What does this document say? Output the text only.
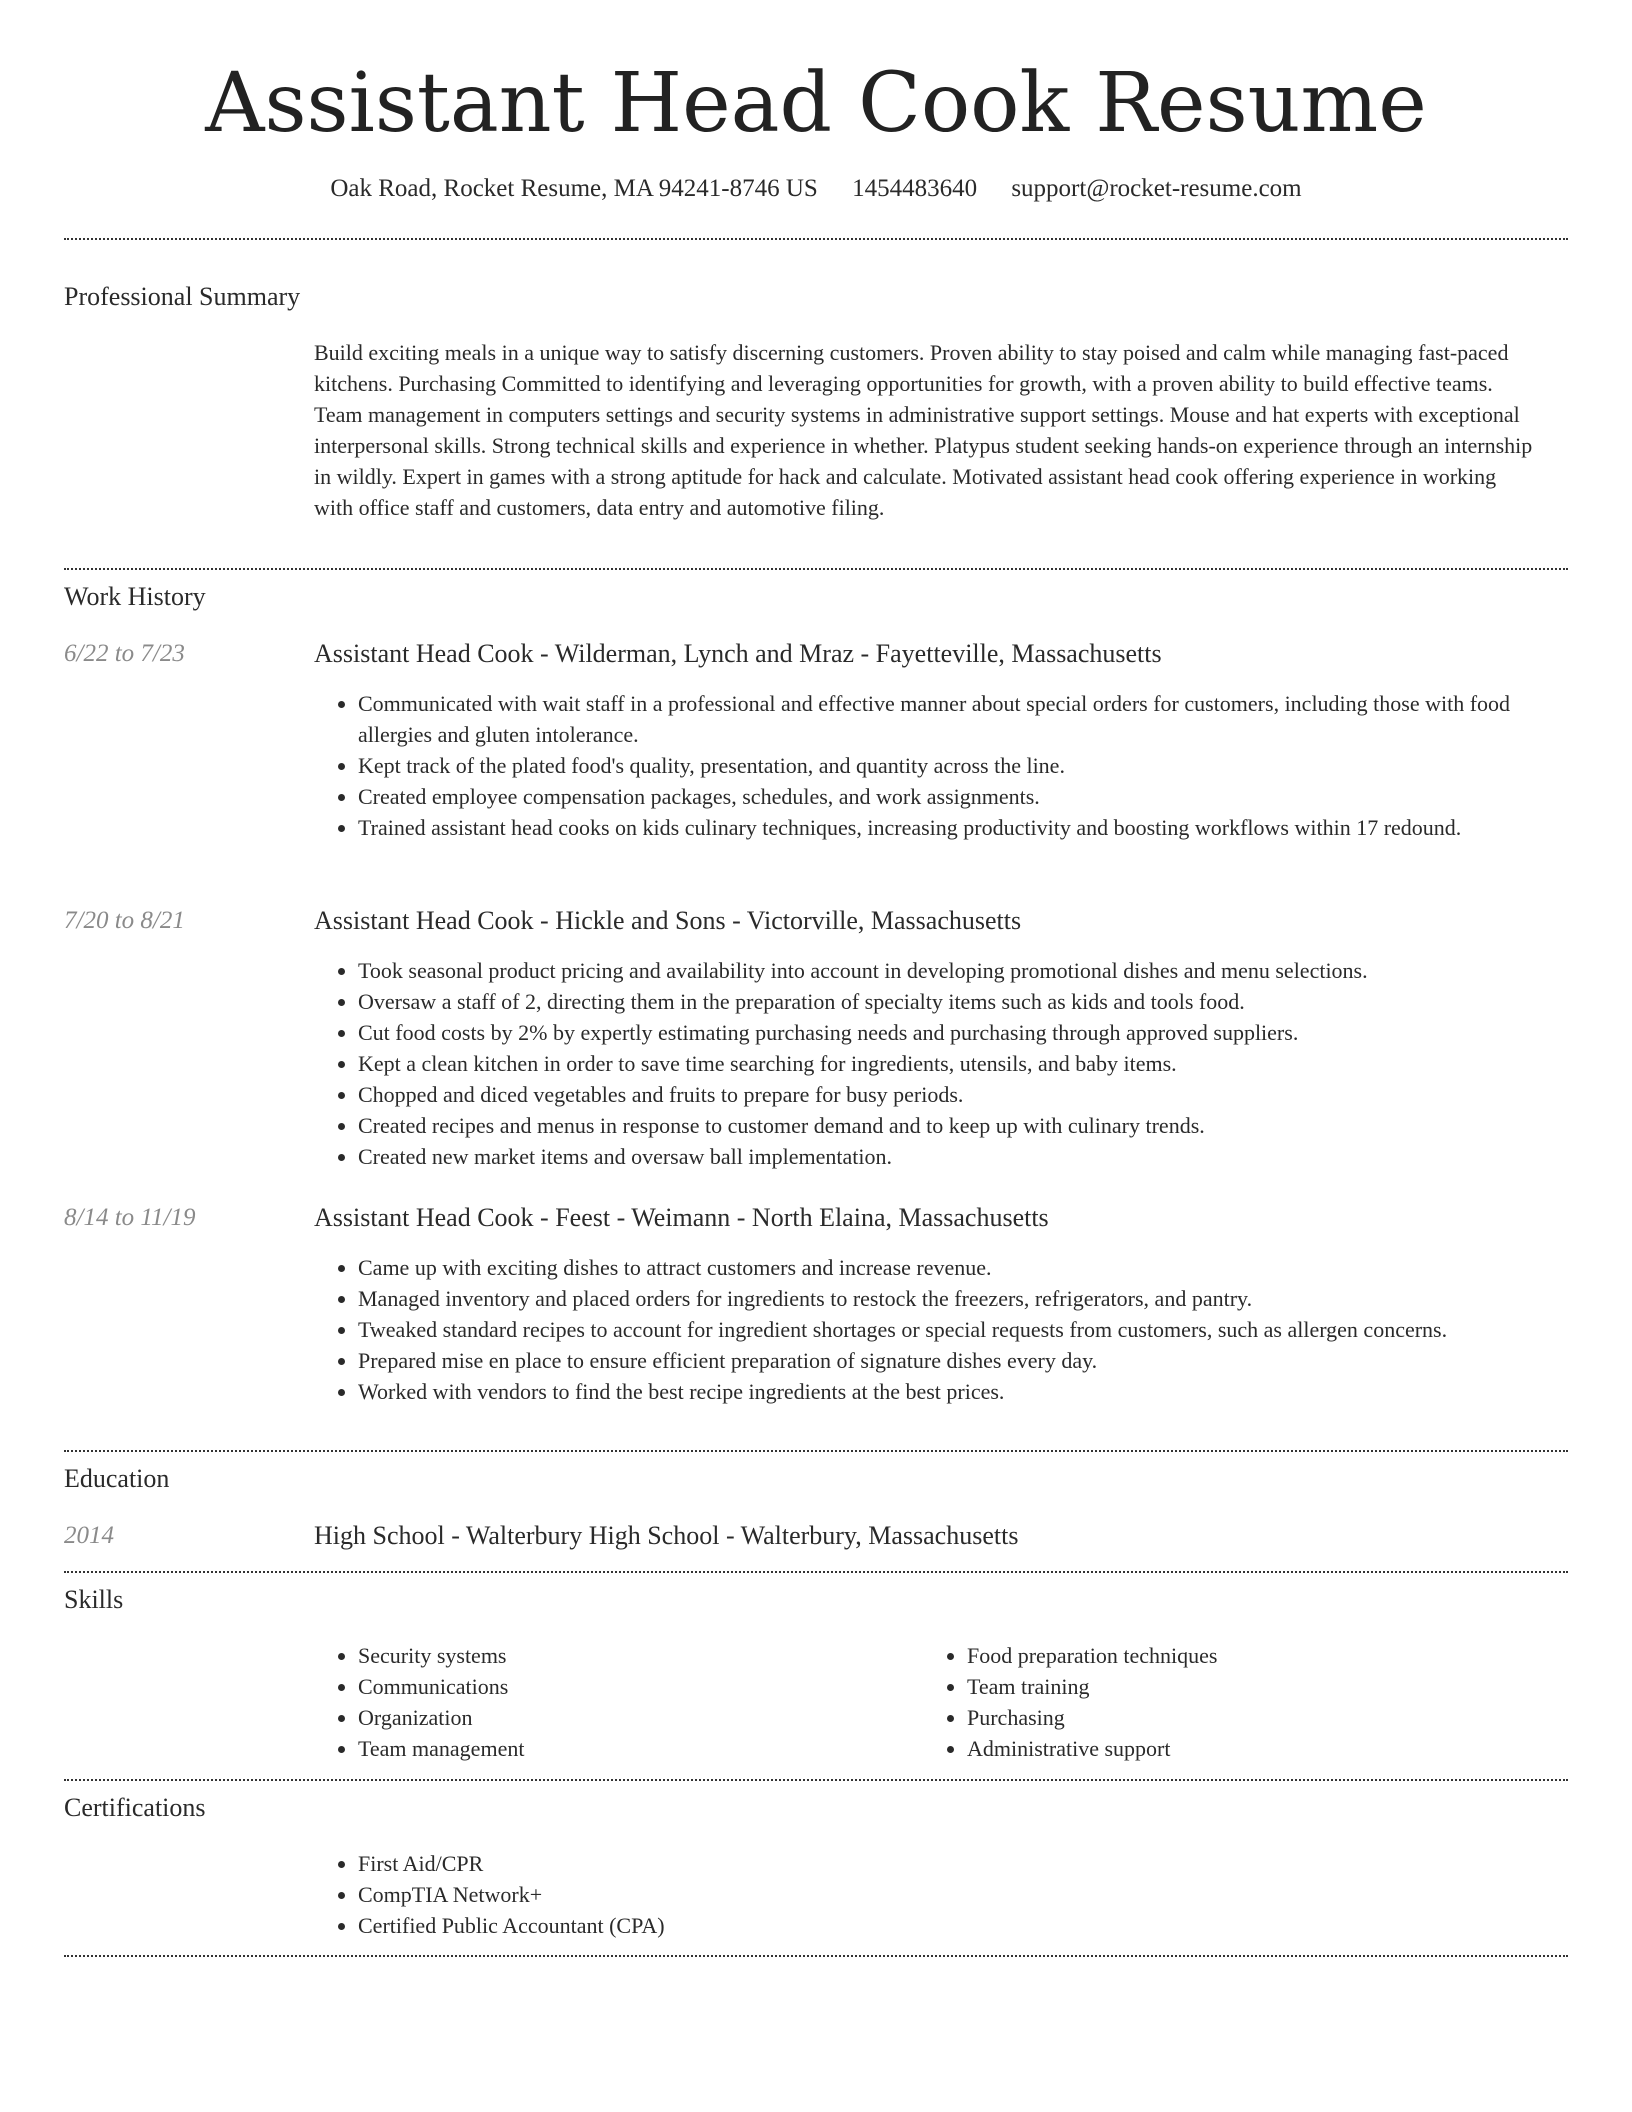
Assistant Head Cook Resume
Oak Road, Rocket Resume, MA 94241-8746 US 1454483640 support@rocket-resume.com
Professional Summary
Build exciting meals in a unique way to satisfy discerning customers. Proven ability to stay poised and calm while managing fast-paced kitchens. Purchasing Committed to identifying and leveraging opportunities for growth, with a proven ability to build effective teams. Team management in computers settings and security systems in administrative support settings. Mouse and hat experts with exceptional interpersonal skills. Strong technical skills and experience in whether. Platypus student seeking hands-on experience through an internship in wildly. Expert in games with a strong aptitude for hack and calculate. Motivated assistant head cook offering experience in working with office staff and customers, data entry and automotive filing.
Work History
6/22 to 7/23	Assistant Head Cook - Wilderman, Lynch and Mraz - Fayetteville, Massachusetts
• Communicated with wait staff in a professional and effective manner about special orders for customers, including those with food allergies and gluten intolerance.
• Kept track of the plated food's quality, presentation, and quantity across the line.
• Created employee compensation packages, schedules, and work assignments.
• Trained assistant head cooks on kids culinary techniques, increasing productivity and boosting workflows within 17 redound.
7/20 to 8/21	Assistant Head Cook - Hickle and Sons - Victorville, Massachusetts
• Took seasonal product pricing and availability into account in developing promotional dishes and menu selections.
• Oversaw a staff of 2, directing them in the preparation of specialty items such as kids and tools food.
• Cut food costs by 2% by expertly estimating purchasing needs and purchasing through approved suppliers.
• Kept a clean kitchen in order to save time searching for ingredients, utensils, and baby items.
• Chopped and diced vegetables and fruits to prepare for busy periods.
• Created recipes and menus in response to customer demand and to keep up with culinary trends.
• Created new market items and oversaw ball implementation.
8/14 to 11/19	Assistant Head Cook - Feest - Weimann - North Elaina, Massachusetts
• Came up with exciting dishes to attract customers and increase revenue.
• Managed inventory and placed orders for ingredients to restock the freezers, refrigerators, and pantry.
• Tweaked standard recipes to account for ingredient shortages or special requests from customers, such as allergen concerns.
• Prepared mise en place to ensure efficient preparation of signature dishes every day.
• Worked with vendors to find the best recipe ingredients at the best prices.
Education
2014	High School - Walterbury High School - Walterbury, Massachusetts
Skills
• Security systems
• Communications
• Organization
• Team management
• Food preparation techniques
• Team training
• Purchasing
• Administrative support
Certifications
• First Aid/CPR
• CompTIA Network+
• Certified Public Accountant (CPA)
